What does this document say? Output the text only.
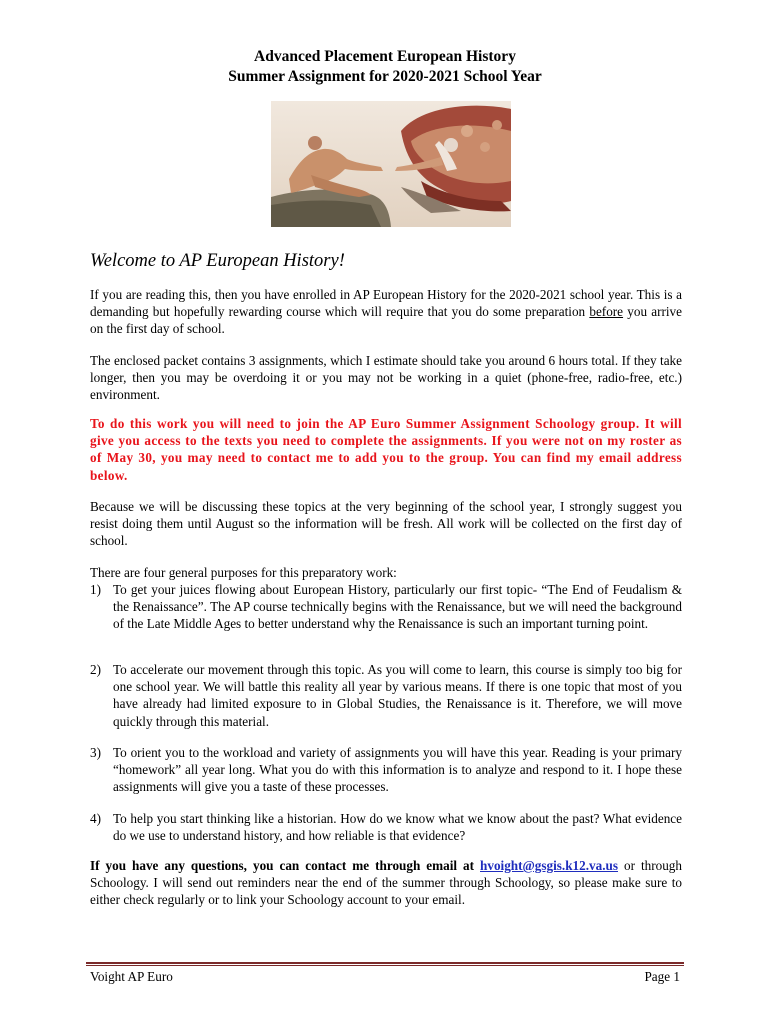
Advanced Placement European History
Summer Assignment for 2020-2021 School Year
Welcome to AP European History!

If you are reading this, then you have enrolled in AP European History for the 2020-2021 school year. This is a demanding but hopefully rewarding course which will require that you do some preparation before you arrive on the first day of school.

The enclosed packet contains 3 assignments, which I estimate should take you around 6 hours total. If they take longer, then you may be overdoing it or you may not be working in a quiet (phone-free, radio-free, etc.) environment.

To do this work you will need to join the AP Euro Summer Assignment Schoology group. It will give you access to the texts you need to complete the assignments. If you were not on my roster as of May 30, you may need to contact me to add you to the group. You can find my email address below.

Because we will be discussing these topics at the very beginning of the school year, I strongly suggest you resist doing them until August so the information will be fresh. All work will be collected on the first day of school.

There are four general purposes for this preparatory work:

1) To get your juices flowing about European History, particularly our first topic- “The End of Feudalism & the Renaissance”. The AP course technically begins with the Renaissance, but we will need the background of the Late Middle Ages to better understand why the Renaissance is such an important turning point.
2) To accelerate our movement through this topic. As you will come to learn, this course is simply too big for one school year. We will battle this reality all year by various means. If there is one topic that most of you have already had limited exposure to in Global Studies, the Renaissance is it. Therefore, we will move quickly through this material.
3) To orient you to the workload and variety of assignments you will have this year. Reading is your primary “homework” all year long. What you do with this information is to analyze and respond to it. I hope these assignments will give you a taste of these processes.
4) To help you start thinking like a historian. How do we know what we know about the past? What evidence do we use to understand history, and how reliable is that evidence?
If you have any questions, you can contact me through email at hvoight@gsgis.k12.va.us or through Schoology. I will send out reminders near the end of the summer through Schoology, so please make sure to either check regularly or to link your Schoology account to your email.
Voight AP Euro	Page 1
